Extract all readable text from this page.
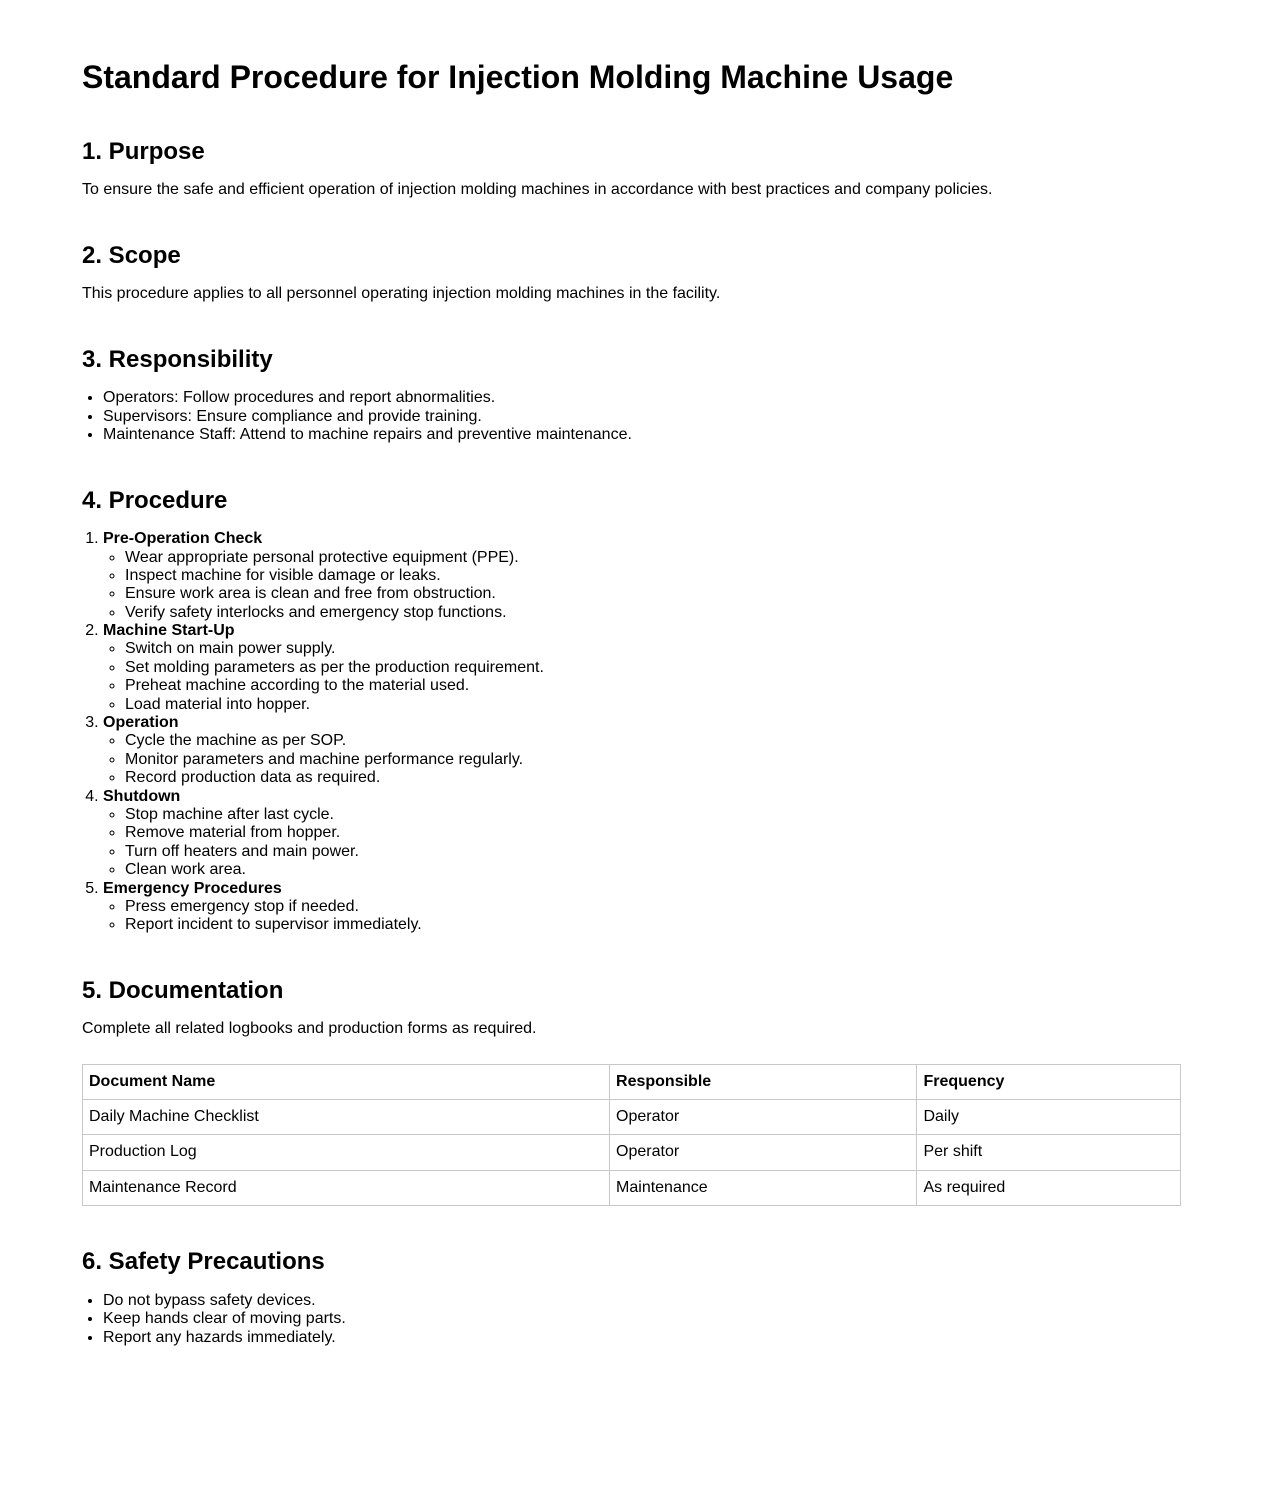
Standard Procedure for Injection Molding Machine Usage
1. Purpose

To ensure the safe and efficient operation of injection molding machines in accordance with best practices and company policies.

2. Scope

This procedure applies to all personnel operating injection molding machines in the facility.

3. Responsibility
• Operators: Follow procedures and report abnormalities.
• Supervisors: Ensure compliance and provide training.
• Maintenance Staff: Attend to machine repairs and preventive maintenance.
4. Procedure
1. Pre-Operation Check
◦ Wear appropriate personal protective equipment (PPE).
◦ Inspect machine for visible damage or leaks.
◦ Ensure work area is clean and free from obstruction.
◦ Verify safety interlocks and emergency stop functions.
2. Machine Start-Up
◦ Switch on main power supply.
◦ Set molding parameters as per the production requirement.
◦ Preheat machine according to the material used.
◦ Load material into hopper.
3. Operation
◦ Cycle the machine as per SOP.
◦ Monitor parameters and machine performance regularly.
◦ Record production data as required.
4. Shutdown
◦ Stop machine after last cycle.
◦ Remove material from hopper.
◦ Turn off heaters and main power.
◦ Clean work area.
5. Emergency Procedures
◦ Press emergency stop if needed.
◦ Report incident to supervisor immediately.
5. Documentation

Complete all related logbooks and production forms as required.

Document Name	Responsible	Frequency
Daily Machine Checklist	Operator	Daily
Production Log	Operator	Per shift
Maintenance Record	Maintenance	As required
6. Safety Precautions
• Do not bypass safety devices.
• Keep hands clear of moving parts.
• Report any hazards immediately.
